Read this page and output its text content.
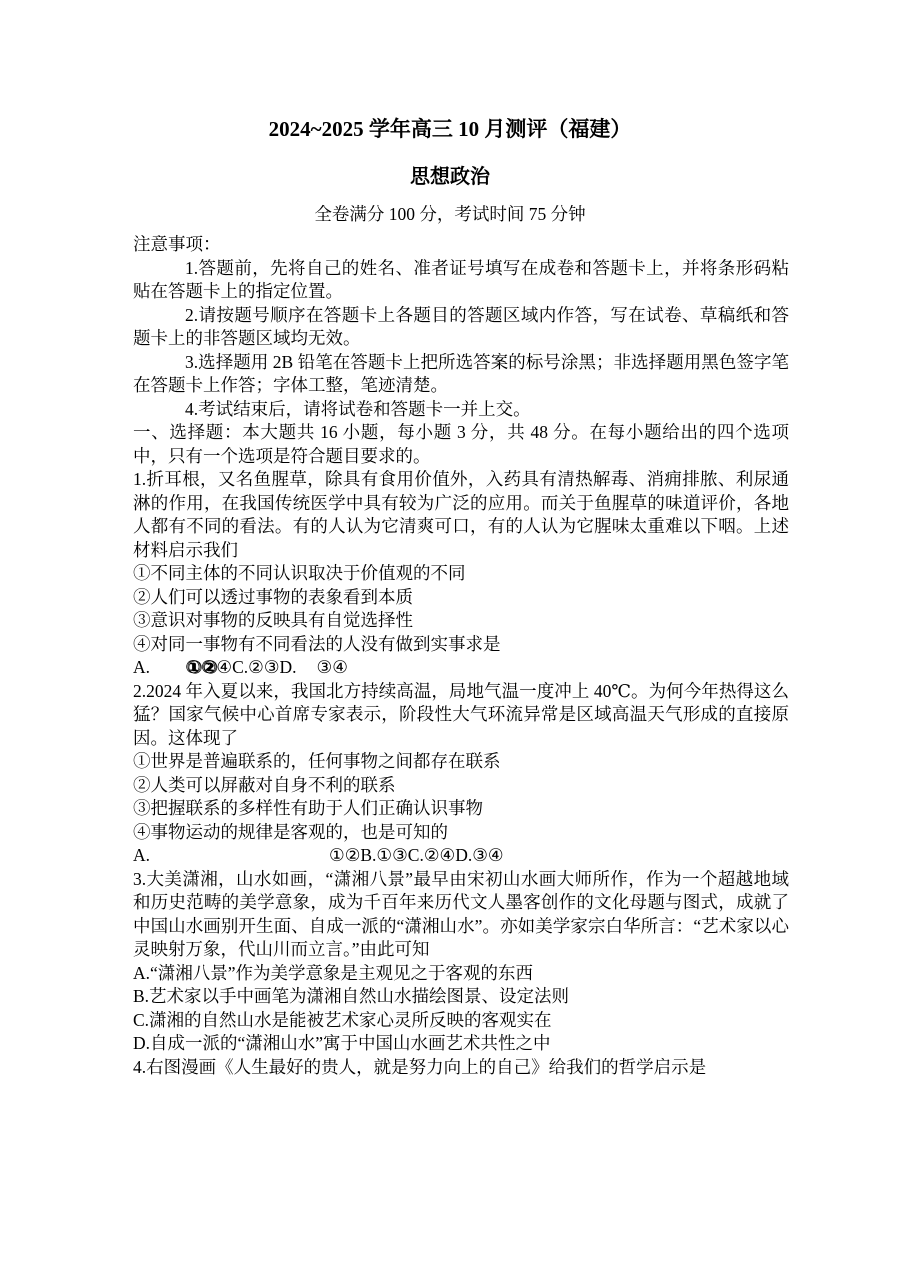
2024~2025 学年高三 10 月测评（福建）
思想政治
全卷满分 100 分，考试时间 75 分钟

注意事项：

1.答题前，先将自己的姓名、准者证号填写在成卷和答题卡上，并将条形码粘贴在答题卡上的指定位置。

2.请按题号顺序在答题卡上各题目的答题区域内作答，写在试卷、草稿纸和答题卡上的非答题区域均无效。

3.选择题用 2B 铅笔在答题卡上把所选答案的标号涂黑；非选择题用黑色签字笔在答题卡上作答；字体工整，笔迹清楚。

4.考试结束后，请将试卷和答题卡一并上交。

一、选择题：本大题共 16 小题，每小题 3 分，共 48 分。在每小题给出的四个选项中，只有一个选项是符合题目要求的。

1.折耳根，又名鱼腥草，除具有食用价值外，入药具有清热解毒、消痈排脓、利尿通淋的作用，在我国传统医学中具有较为广泛的应用。而关于鱼腥草的味道评价，各地人都有不同的看法。有的人认为它清爽可口，有的人认为它腥味太重难以下咽。上述材料启示我们

①不同主体的不同认识取决于价值观的不同

②人们可以透过事物的表象看到本质

③意识对事物的反映具有自觉选择性

④对同一事物有不同看法的人没有做到实事求是

A. ①②④C.②③D. ③④

2.2024 年入夏以来，我国北方持续高温，局地气温一度冲上 40℃。为何今年热得这么猛？国家气候中心首席专家表示，阶段性大气环流异常是区域高温天气形成的直接原因。这体现了

①世界是普遍联系的，任何事物之间都存在联系

②人类可以屏蔽对自身不利的联系

③把握联系的多样性有助于人们正确认识事物

④事物运动的规律是客观的，也是可知的

A.	①②B.①③C.②④D.③④

3.大美潇湘，山水如画，“潇湘八景”最早由宋初山水画大师所作，作为一个超越地域和历史范畴的美学意象，成为千百年来历代文人墨客创作的文化母题与图式，成就了中国山水画别开生面、自成一派的“潇湘山水”。亦如美学家宗白华所言：“艺术家以心灵映射万象，代山川而立言。”由此可知

A.“潇湘八景”作为美学意象是主观见之于客观的东西

B.艺术家以手中画笔为潇湘自然山水描绘图景、设定法则

C.潇湘的自然山水是能被艺术家心灵所反映的客观实在

D.自成一派的“潇湘山水”寓于中国山水画艺术共性之中

4.右图漫画《人生最好的贵人，就是努力向上的自己》给我们的哲学启示是
